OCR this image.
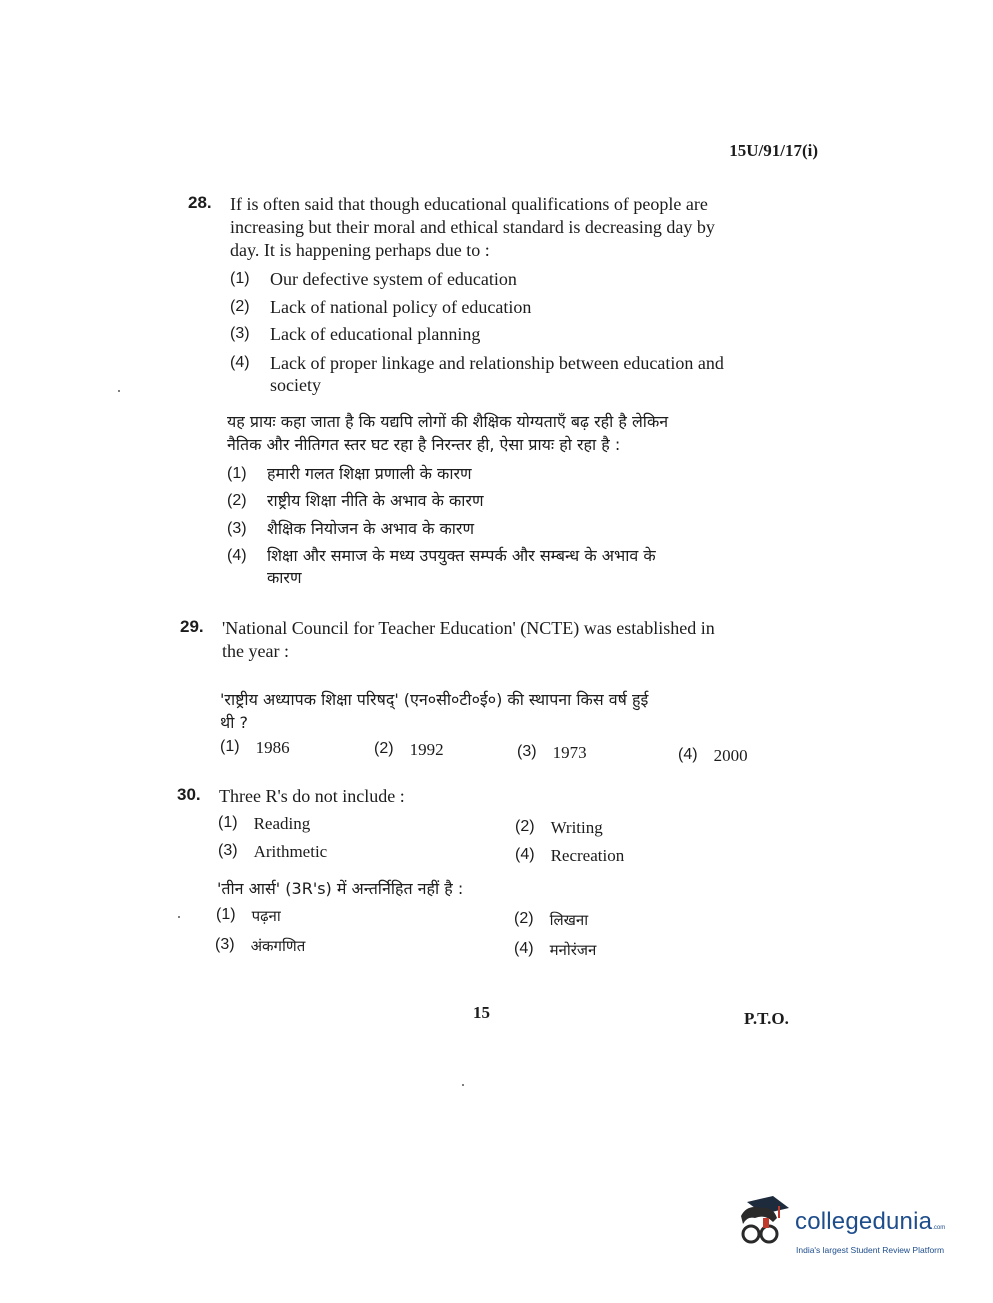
15U/91/17(i)
28. If is often said that though educational qualifications of people are
increasing but their moral and ethical standard is decreasing day by
day. It is happening perhaps due to :
(1)	Our defective system of education
(2)	Lack of national policy of education
(3)	Lack of educational planning
(4)	Lack of proper linkage and relationship between education and
society
यह प्रायः कहा जाता है कि यद्यपि लोगों की शैक्षिक योग्यताएँ बढ़ रही है लेकिन
नैतिक और नीतिगत स्तर घट रहा है निरन्तर ही, ऐसा प्रायः हो रहा है :
(1)	हमारी गलत शिक्षा प्रणाली के कारण
(2)	राष्ट्रीय शिक्षा नीति के अभाव के कारण
(3)	शैक्षिक नियोजन के अभाव के कारण
(4)	शिक्षा और समाज के मध्य उपयुक्त सम्पर्क और सम्बन्ध के अभाव के
कारण
29. 'National Council for Teacher Education' (NCTE) was established in
the year :
'राष्ट्रीय अध्यापक शिक्षा परिषद्' (एन०सी०टी०ई०) की स्थापना किस वर्ष हुई
थी ?
(1) 1986	(2) 1992	(3) 1973	(4) 2000
30. Three R's do not include :
(1) Reading	(2) Writing
(3) Arithmetic	(4) Recreation
'तीन आर्स' (3R's) में अन्तर्निहित नहीं है :
(1) पढ़ना	(2) लिखना
(3) अंकगणित	(4) मनोरंजन
15	P.T.O.
collegedunia.com
India's largest Student Review Platform
